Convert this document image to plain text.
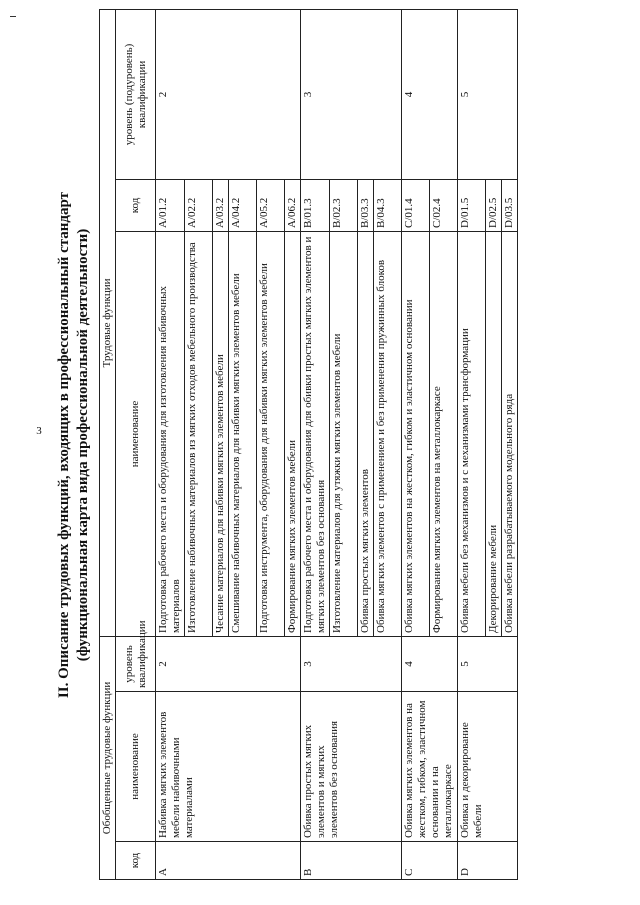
3 II. Описание трудовых функций, входящих в профессиональный стандарт (функциональная карта вида профессиональной деятельности)
Обобщенные трудовые функции			Трудовые функции		
код	наименование	уровень квалификации	наименование	код	уровень (подуровень) квалификации
A	Набивка мягких элементов мебели набивочными материалами	2	Подготовка рабочего места и оборудования для изготовления набивочных материалов	A/01.2	2
			Изготовление набивочных материалов из мягких отходов мебельного производства	A/02.2	
			Чесание материалов для набивки мягких элементов мебели	A/03.2	
			Смешивание набивочных материалов для набивки мягких элементов мебели	A/04.2	
			Подготовка инструмента, оборудования для набивки мягких элементов мебели	A/05.2	
			Формирование мягких элементов мебели	A/06.2	
B	Обивка простых мягких элементов и мягких элементов без основания	3	Подготовка рабочего места и оборудования для обивки простых мягких элементов и мягких элементов без основания	B/01.3	3
			Изготовление материалов для утяжки мягких элементов мебели	B/02.3	
			Обивка простых мягких элементов	B/03.3	
			Обивка мягких элементов с применением и без применения пружинных блоков	B/04.3	
C	Обивка мягких элементов на жестком, гибком, эластичном основании и на металлокаркасе	4	Обивка мягких элементов на жестком, гибком и эластичном основании	C/01.4	4
			Формирование мягких элементов на металлокаркасе	C/02.4	
D	Обивка и декорирование мебели	5	Обивка мебели без механизмов и с механизмами трансформации	D/01.5	5
			Декорирование мебели	D/02.5	
			Обивка мебели разрабатываемого модельного ряда	D/03.5	
